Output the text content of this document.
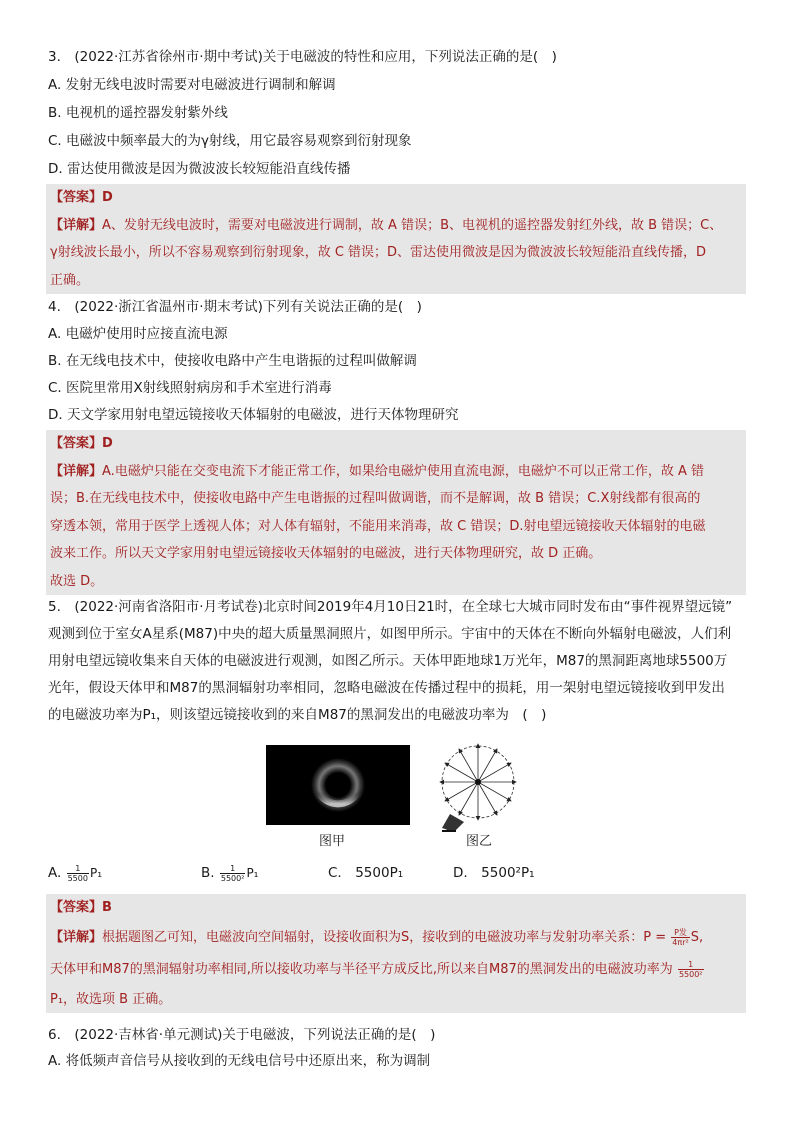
3.　(2022·江苏省徐州市·期中考试)关于电磁波的特性和应用，下列说法正确的是(　)
A. 发射无线电波时需要对电磁波进行调制和解调
B. 电视机的遥控器发射紫外线
C. 电磁波中频率最大的为γ射线，用它最容易观察到衍射现象
D. 雷达使用微波是因为微波波长较短能沿直线传播
【答案】D
【详解】A、发射无线电波时，需要对电磁波进行调制，故 A 错误；B、电视机的遥控器发射红外线，故 B 错误；C、
γ射线波长最小，所以不容易观察到衍射现象，故 C 错误；D、雷达使用微波是因为微波波长较短能沿直线传播，D
正确。
4.　(2022·浙江省温州市·期末考试)下列有关说法正确的是(　)
A. 电磁炉使用时应接直流电源
B. 在无线电技术中，使接收电路中产生电谐振的过程叫做解调
C. 医院里常用X射线照射病房和手术室进行消毒
D. 天文学家用射电望远镜接收天体辐射的电磁波，进行天体物理研究
【答案】D
【详解】A.电磁炉只能在交变电流下才能正常工作，如果给电磁炉使用直流电源，电磁炉不可以正常工作，故 A 错
误；B.在无线电技术中，使接收电路中产生电谐振的过程叫做调谐，而不是解调，故 B 错误；C.X射线都有很高的
穿透本领，常用于医学上透视人体；对人体有辐射，不能用来消毒，故 C 错误；D.射电望远镜接收天体辐射的电磁
波来工作。所以天文学家用射电望远镜接收天体辐射的电磁波，进行天体物理研究，故 D 正确。
故选 D。
5.　(2022·河南省洛阳市·月考试卷)北京时间2019年4月10日21时，在全球七大城市同时发布由“事件视界望远镜”
观测到位于室女A星系(M87)中央的超大质量黑洞照片，如图甲所示。宇宙中的天体在不断向外辐射电磁波，人们利
用射电望远镜收集来自天体的电磁波进行观测，如图乙所示。天体甲距地球1万光年，M87的黑洞距离地球5500万
光年，假设天体甲和M87的黑洞辐射功率相同，忽略电磁波在传播过程中的损耗，用一架射电望远镜接收到甲发出
的电磁波功率为P₁，则该望远镜接收到的来自M87的黑洞发出的电磁波功率为　(　)
图甲	图乙
A. $\frac{1}{5500} P_1$	B. $\frac{1}{\text{5500²}} P_1$	C.　5500P₁	D.　5500²P₁
【答案】B
【详解】根据题图乙可知，电磁波向空间辐射，设接收面积为S，接收到的电磁波功率与发射功率关系：$P = \frac{\text{P发}}{\text{4πr²}} S$,
天体甲和M87的黑洞辐射功率相同,所以接收功率与半径平方成反比,所以来自M87的黑洞发出的电磁波功率为 $\frac{1}{\text{5500²}}$
P₁，故选项 B 正确。
6.　(2022·吉林省·单元测试)关于电磁波，下列说法正确的是(　)
A. 将低频声音信号从接收到的无线电信号中还原出来，称为调制
